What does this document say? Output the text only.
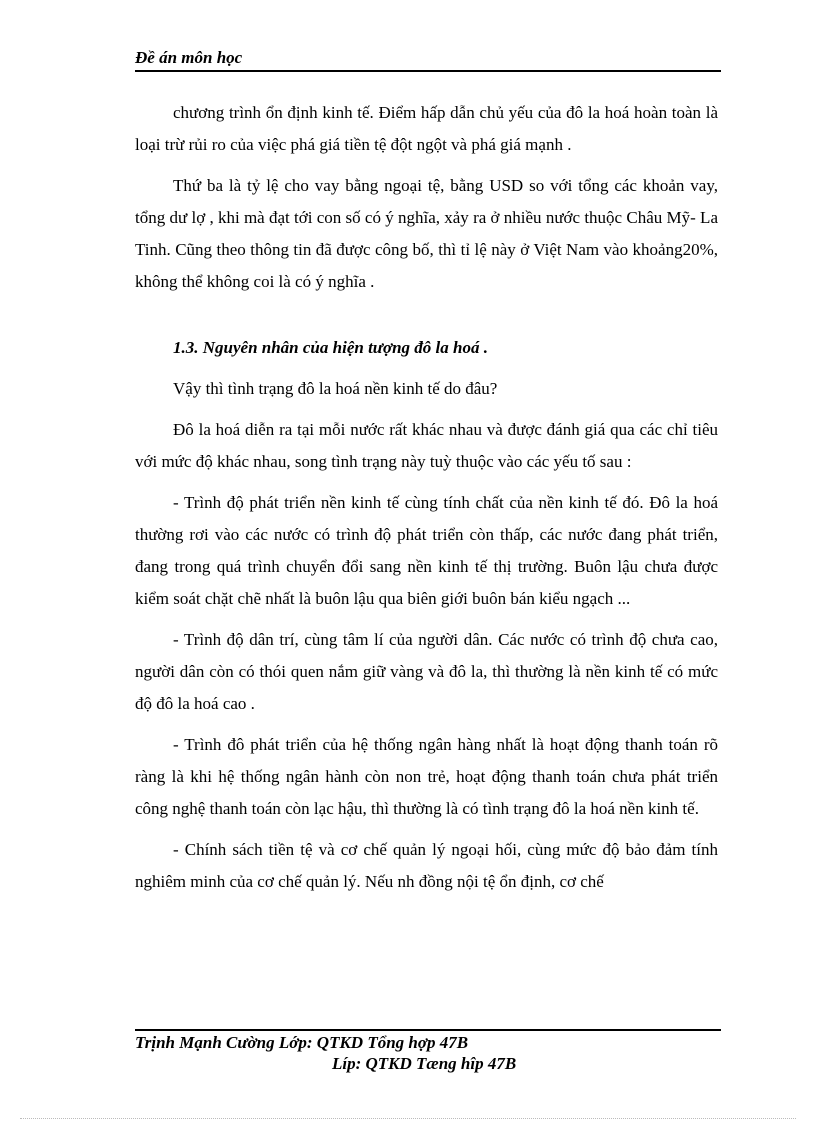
Đề án môn học

chương trình ổn định kinh tế. Điểm hấp dẫn chủ yếu của đô la hoá hoàn toàn là loại trừ rủi ro của việc phá giá tiền tệ đột ngột và phá giá mạnh .

Thứ ba là tỷ lệ cho vay bằng ngoại tệ, bằng USD so với tổng các khoản vay, tổng dư lợ , khi mà đạt tới con số có ý nghĩa, xảy ra ở nhiều nước thuộc Châu Mỹ- La Tinh. Cũng theo thông tin đã được công bố, thì tỉ lệ này ở Việt Nam vào khoảng20%, không thể không coi là có ý nghĩa .

1.3. Nguyên nhân của hiện tượng đô la hoá .

Vậy thì tình trạng đô la hoá nền kinh tế do đâu?

Đô la hoá diễn ra tại mỗi nước rất khác nhau và được đánh giá qua các chỉ tiêu với mức độ khác nhau, song tình trạng này tuỳ thuộc vào các yếu tố sau :

- Trình độ phát triển nền kinh tế cùng tính chất của nền kinh tế đó. Đô la hoá thường rơi vào các nước có trình độ phát triển còn thấp, các nước đang phát triển, đang trong quá trình chuyển đổi sang nền kinh tế thị trường. Buôn lậu chưa được kiểm soát chặt chẽ nhất là buôn lậu qua biên giới buôn bán kiểu ngạch ...

- Trình độ dân trí, cùng tâm lí của người dân. Các nước có trình độ chưa cao, người dân còn có thói quen nắm giữ vàng và đô la, thì thường là nền kinh tế có mức độ đô la hoá cao .

- Trình đô phát triển của hệ thống ngân hàng nhất là hoạt động thanh toán rõ ràng là khi hệ thống ngân hành còn non trẻ, hoạt động thanh toán chưa phát triển công nghệ thanh toán còn lạc hậu, thì thường là có tình trạng đô la hoá nền kinh tế.

- Chính sách tiền tệ và cơ chế quản lý ngoại hối, cùng mức độ bảo đảm tính nghiêm minh của cơ chế quản lý. Nếu nh đồng nội tệ ổn định, cơ chế

Trịnh Mạnh Cường Lớp: QTKD Tổng hợp 47B
Líp: QTKD Tæng hîp 47B
